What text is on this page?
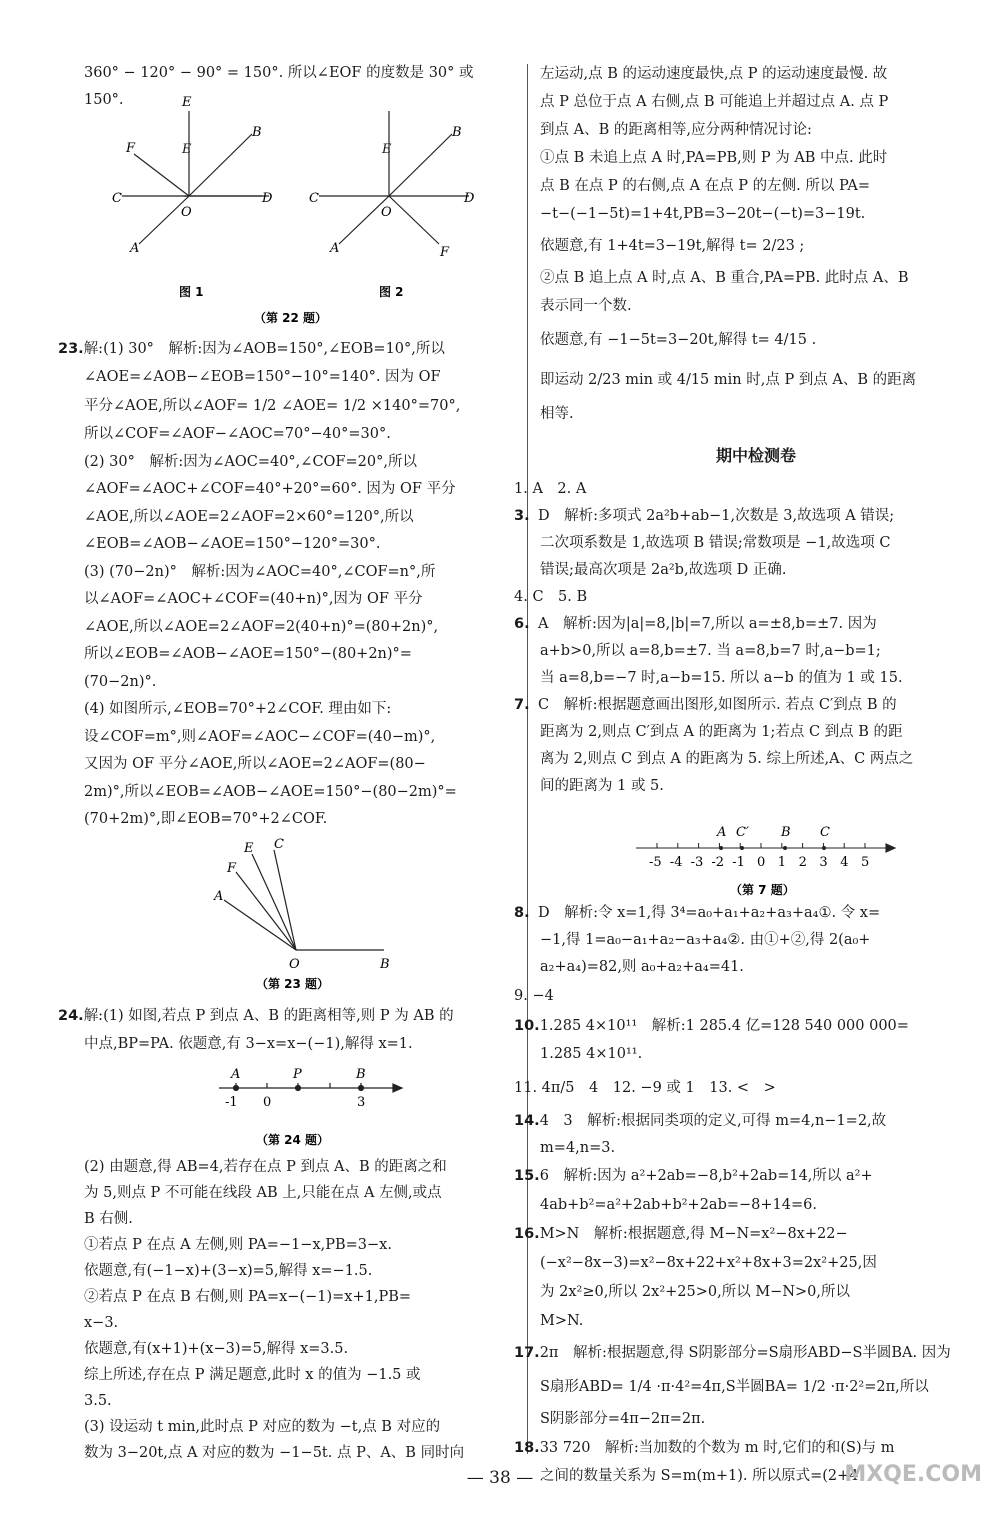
360° − 120° − 90° = 150°. 所以∠EOF 的度数是 30° 或 150°.

C	D
E
O
B
F
A
C	D
O
B
F
A
图 1	图 2
（第 22 题）
E	E

23.解:(1) 30°　解析:因为∠AOB=150°,∠EOB=10°,所以

∠AOE=∠AOB−∠EOB=150°−10°=140°. 因为 OF

平分∠AOE,所以∠AOF= 1/2 ∠AOE= 1/2 ×140°=70°,

所以∠COF=∠AOF−∠AOC=70°−40°=30°.

(2) 30°　解析:因为∠AOC=40°,∠COF=20°,所以

∠AOF=∠AOC+∠COF=40°+20°=60°. 因为 OF 平分

∠AOE,所以∠AOE=2∠AOF=2×60°=120°,所以

∠EOB=∠AOB−∠AOE=150°−120°=30°.

(3) (70−2n)°　解析:因为∠AOC=40°,∠COF=n°,所

以∠AOF=∠AOC+∠COF=(40+n)°,因为 OF 平分

∠AOE,所以∠AOE=2∠AOF=2(40+n)°=(80+2n)°,

所以∠EOB=∠AOB−∠AOE=150°−(80+2n)°=

(70−2n)°.

(4) 如图所示,∠EOB=70°+2∠COF. 理由如下:

设∠COF=m°,则∠AOF=∠AOC−∠COF=(40−m)°,

又因为 OF 平分∠AOE,所以∠AOE=2∠AOF=(80−

2m)°,所以∠EOB=∠AOB−∠AOE=150°−(80−2m)°=

(70+2m)°,即∠EOB=70°+2∠COF.

C
E
F
A
O	B
（第 23 题）

24.解:(1) 如图,若点 P 到点 A、B 的距离相等,则 P 为 AB 的

中点,BP=PA. 依题意,有 3−x=x−(−1),解得 x=1.

A	P	B
-1 0	3
（第 24 题）

(2) 由题意,得 AB=4,若存在点 P 到点 A、B 的距离之和

为 5,则点 P 不可能在线段 AB 上,只能在点 A 左侧,或点

B 右侧.

①若点 P 在点 A 左侧,则 PA=−1−x,PB=3−x.

依题意,有(−1−x)+(3−x)=5,解得 x=−1.5.

②若点 P 在点 B 右侧,则 PA=x−(−1)=x+1,PB=

x−3.

依题意,有(x+1)+(x−3)=5,解得 x=3.5.

综上所述,存在点 P 满足题意,此时 x 的值为 −1.5 或

3.5.

(3) 设运动 t min,此时点 P 对应的数为 −t,点 B 对应的

数为 3−20t,点 A 对应的数为 −1−5t. 点 P、A、B 同时向

左运动,点 B 的运动速度最快,点 P 的运动速度最慢. 故

点 P 总位于点 A 右侧,点 B 可能追上并超过点 A. 点 P

到点 A、B 的距离相等,应分两种情况讨论:

①点 B 未追上点 A 时,PA=PB,则 P 为 AB 中点. 此时

点 B 在点 P 的右侧,点 A 在点 P 的左侧. 所以 PA=

−t−(−1−5t)=1+4t,PB=3−20t−(−t)=3−19t.

依题意,有 1+4t=3−19t,解得 t= 2/23 ;

②点 B 追上点 A 时,点 A、B 重合,PA=PB. 此时点 A、B

表示同一个数.

依题意,有 −1−5t=3−20t,解得 t= 4/15 .

即运动 2/23 min 或 4/15 min 时,点 P 到点 A、B 的距离

相等.

期中检测卷

1. A　2. A

3. D　解析:多项式 2a²b+ab−1,次数是 3,故选项 A 错误;

二次项系数是 1,故选项 B 错误;常数项是 −1,故选项 C

错误;最高次项是 2a²b,故选项 D 正确.

4. C　5. B

6. A　解析:因为|a|=8,|b|=7,所以 a=±8,b=±7. 因为

a+b>0,所以 a=8,b=±7. 当 a=8,b=7 时,a−b=1;

当 a=8,b=−7 时,a−b=15. 所以 a−b 的值为 1 或 15.

7. C　解析:根据题意画出图形,如图所示. 若点 C′到点 B 的

距离为 2,则点 C′到点 A 的距离为 1;若点 C 到点 B 的距

离为 2,则点 C 到点 A 的距离为 5. 综上所述,A、C 两点之

间的距离为 1 或 5.

-5 -4 -3 -2 -1 0 1 2 3 4 5
A C′ B C
（第 7 题）

8. D　解析:令 x=1,得 3⁴=a₀+a₁+a₂+a₃+a₄①. 令 x=

−1,得 1=a₀−a₁+a₂−a₃+a₄②. 由①+②,得 2(a₀+

a₂+a₄)=82,则 a₀+a₂+a₄=41.

9. −4

10.1.285 4×10¹¹　解析:1 285.4 亿=128 540 000 000=

1.285 4×10¹¹.

11. 4π/5　4　12. −9 或 1　13. <　>

14.4　3　解析:根据同类项的定义,可得 m=4,n−1=2,故

m=4,n=3.

15.6　解析:因为 a²+2ab=−8,b²+2ab=14,所以 a²+

4ab+b²=a²+2ab+b²+2ab=−8+14=6.

16.M>N　解析:根据题意,得 M−N=x²−8x+22−

(−x²−8x−3)=x²−8x+22+x²+8x+3=2x²+25,因

为 2x²≥0,所以 2x²+25>0,所以 M−N>0,所以

M>N.

17.2π　解析:根据题意,得 S阴影部分=S扇形ABD−S半圆BA. 因为

S扇形ABD= 1/4 ·π·4²=4π,S半圆BA= 1/2 ·π·2²=2π,所以

S阴影部分=4π−2π=2π.

18.33 720　解析:当加数的个数为 m 时,它们的和(S)与 m

之间的数量关系为 S=m(m+1). 所以原式=(2+4

— 38 —	MXQE.COM
